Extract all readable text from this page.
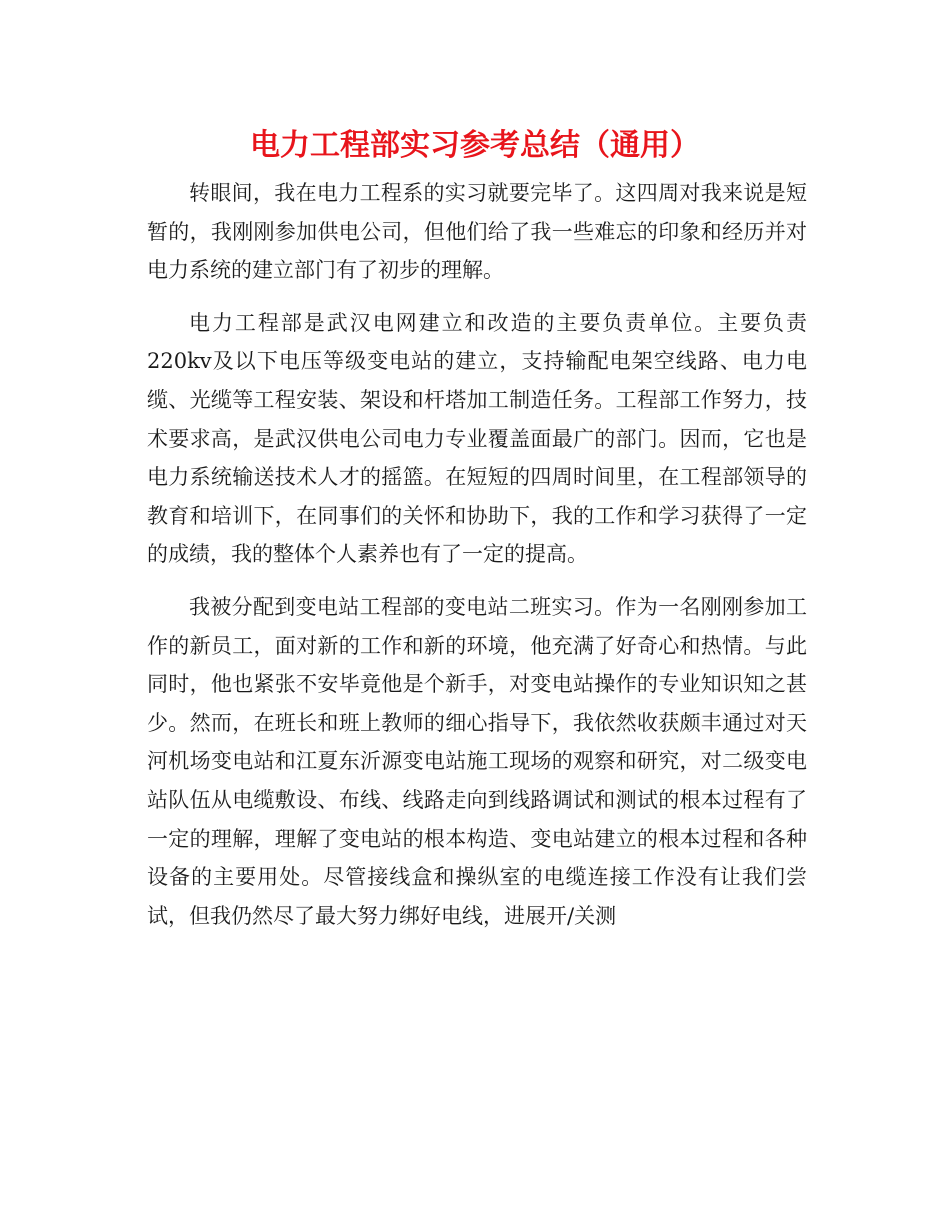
电力工程部实习参考总结（通用）

转眼间，我在电力工程系的实习就要完毕了。这四周对我来说是短暂的，我刚刚参加供电公司，但他们给了我一些难忘的印象和经历并对电力系统的建立部门有了初步的理解。

电力工程部是武汉电网建立和改造的主要负责单位。主要负责220kv及以下电压等级变电站的建立，支持输配电架空线路、电力电缆、光缆等工程安装、架设和杆塔加工制造任务。工程部工作努力，技术要求高，是武汉供电公司电力专业覆盖面最广的部门。因而，它也是电力系统输送技术人才的摇篮。在短短的四周时间里，在工程部领导的教育和培训下，在同事们的关怀和协助下，我的工作和学习获得了一定的成绩，我的整体个人素养也有了一定的提高。

我被分配到变电站工程部的变电站二班实习。作为一名刚刚参加工作的新员工，面对新的工作和新的环境，他充满了好奇心和热情。与此同时，他也紧张不安毕竟他是个新手，对变电站操作的专业知识知之甚少。然而，在班长和班上教师的细心指导下，我依然收获颇丰通过对天河机场变电站和江夏东沂源变电站施工现场的观察和研究，对二级变电站队伍从电缆敷设、布线、线路走向到线路调试和测试的根本过程有了一定的理解，理解了变电站的根本构造、变电站建立的根本过程和各种设备的主要用处。尽管接线盒和操纵室的电缆连接工作没有让我们尝试，但我仍然尽了最大努力绑好电线，进展开/关测
